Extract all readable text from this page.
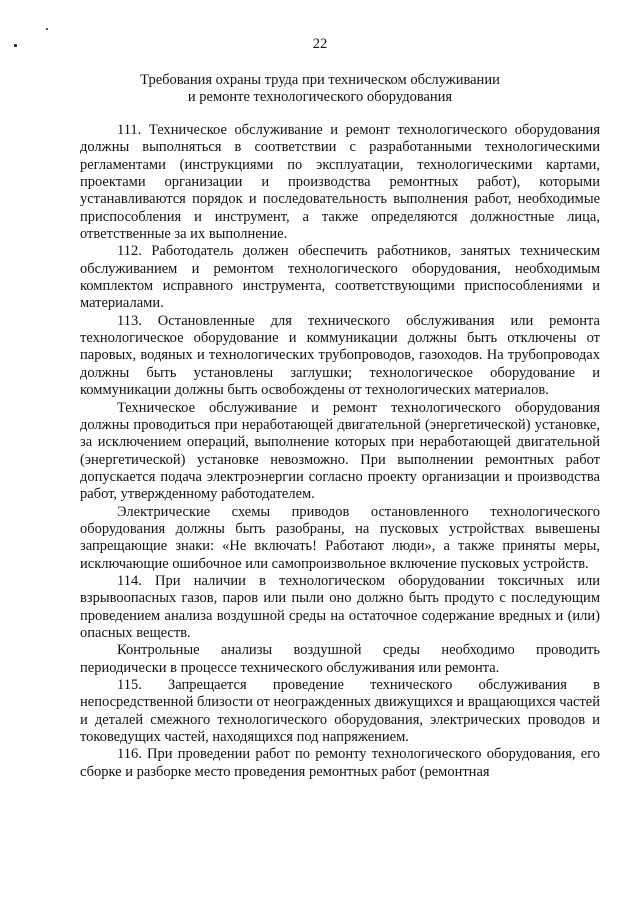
22
Требования охраны труда при техническом обслуживании
и ремонте технологического оборудования

111. Техническое обслуживание и ремонт технологического оборудования должны выполняться в соответствии с разработанными технологическими регламентами (инструкциями по эксплуатации, технологическими картами, проектами организации и производства ремонтных работ), которыми устанавливаются порядок и последовательность выполнения работ, необходимые приспособления и инструмент, а также определяются должностные лица, ответственные за их выполнение.

112. Работодатель должен обеспечить работников, занятых техническим обслуживанием и ремонтом технологического оборудования, необходимым комплектом исправного инструмента, соответствующими приспособлениями и материалами.

113. Остановленные для технического обслуживания или ремонта технологическое оборудование и коммуникации должны быть отключены от паровых, водяных и технологических трубопроводов, газоходов. На трубопроводах должны быть установлены заглушки; технологическое оборудование и коммуникации должны быть освобождены от технологических материалов.

Техническое обслуживание и ремонт технологического оборудования должны проводиться при неработающей двигательной (энергетической) установке, за исключением операций, выполнение которых при неработающей двигательной (энергетической) установке невозможно. При выполнении ремонтных работ допускается подача электроэнергии согласно проекту организации и производства работ, утвержденному работодателем.

Электрические схемы приводов остановленного технологического оборудования должны быть разобраны, на пусковых устройствах вывешены запрещающие знаки: «Не включать! Работают люди», а также приняты меры, исключающие ошибочное или самопроизвольное включение пусковых устройств.

114. При наличии в технологическом оборудовании токсичных или взрывоопасных газов, паров или пыли оно должно быть продуто с последующим проведением анализа воздушной среды на остаточное содержание вредных и (или) опасных веществ.

Контрольные анализы воздушной среды необходимо проводить периодически в процессе технического обслуживания или ремонта.

115. Запрещается проведение технического обслуживания в непосредственной близости от неогражденных движущихся и вращающихся частей и деталей смежного технологического оборудования, электрических проводов и токоведущих частей, находящихся под напряжением.

116. При проведении работ по ремонту технологического оборудования, его сборке и разборке место проведения ремонтных работ (ремонтная
